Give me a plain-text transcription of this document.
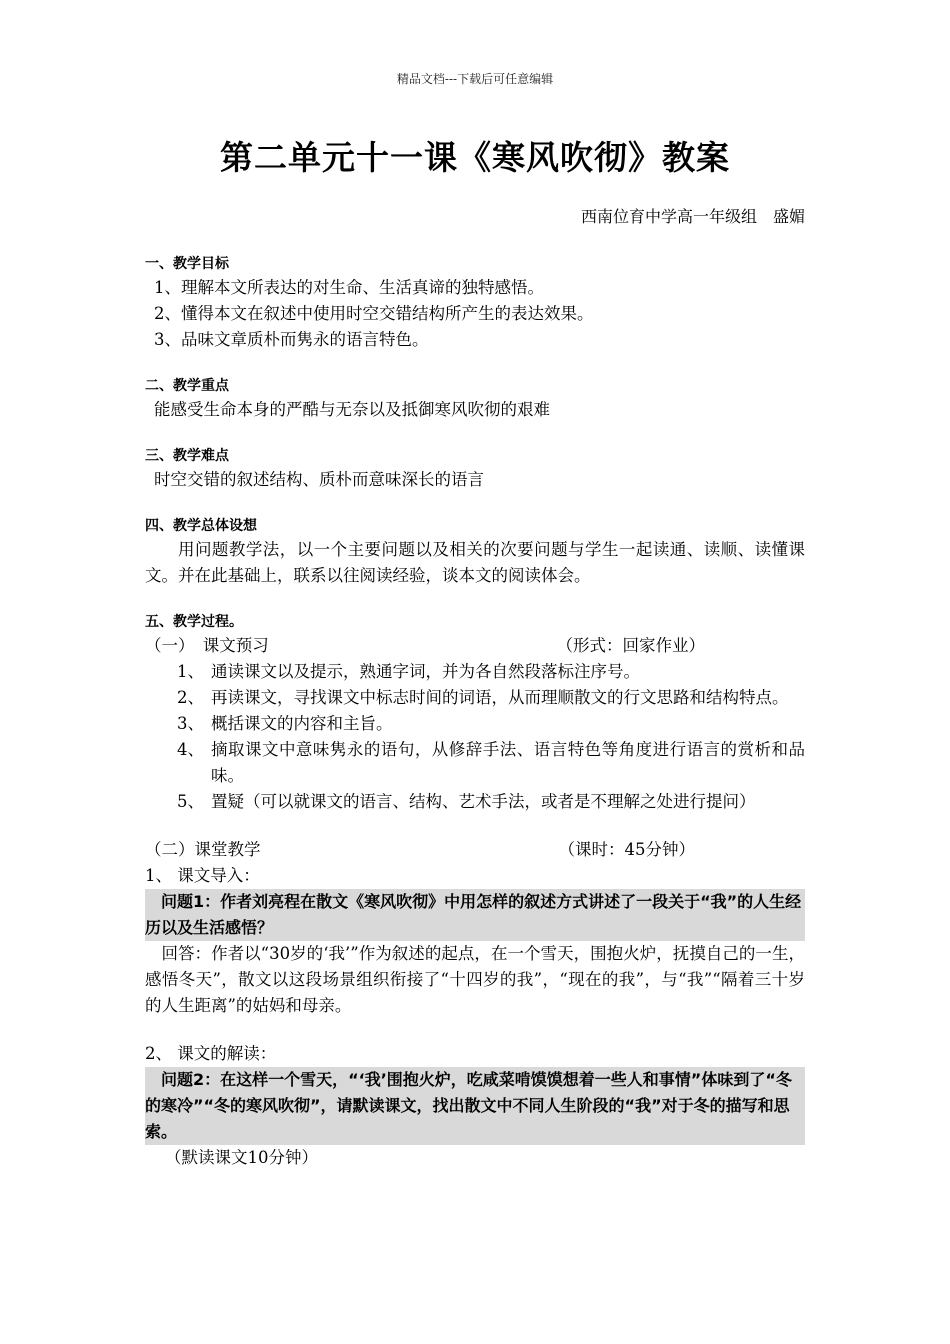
精品文档---下载后可任意编辑
第二单元十一课《寒风吹彻》教案
西南位育中学高一年级组　盛媚
一、教学目标
1、理解本文所表达的对生命、生活真谛的独特感悟。
2、懂得本文在叙述中使用时空交错结构所产生的表达效果。
3、品味文章质朴而隽永的语言特色。
二、教学重点
能感受生命本身的严酷与无奈以及抵御寒风吹彻的艰难
三、教学难点
时空交错的叙述结构、质朴而意味深长的语言
四、教学总体设想
用问题教学法，以一个主要问题以及相关的次要问题与学生一起读通、读顺、读懂课文。并在此基础上，联系以往阅读经验，谈本文的阅读体会。
五、教学过程。
（一）　课文预习	（形式：回家作业）
1、 通读课文以及提示，熟通字词，并为各自然段落标注序号。
2、 再读课文，寻找课文中标志时间的词语，从而理顺散文的行文思路和结构特点。
3、 概括课文的内容和主旨。
4、 摘取课文中意味隽永的语句，从修辞手法、语言特色等角度进行语言的赏析和品味。
5、 置疑（可以就课文的语言、结构、艺术手法，或者是不理解之处进行提问）
（二）课堂教学	（课时：45分钟）
1、 课文导入：
问题1：作者刘亮程在散文《寒风吹彻》中用怎样的叙述方式讲述了一段关于“我”的人生经历以及生活感悟？
回答：作者以“30岁的‘我’”作为叙述的起点，在一个雪天，围抱火炉，抚摸自己的一生，感悟冬天”，散文以这段场景组织衔接了“十四岁的我”，“现在的我”，与“我”“隔着三十岁的人生距离”的姑妈和母亲。
2、 课文的解读：
问题2：在这样一个雪天，“‘我’围抱火炉，吃咸菜啃馍馍想着一些人和事情”体味到了“冬的寒冷”“冬的寒风吹彻”，请默读课文，找出散文中不同人生阶段的“我”对于冬的描写和思索。
（默读课文10分钟）
